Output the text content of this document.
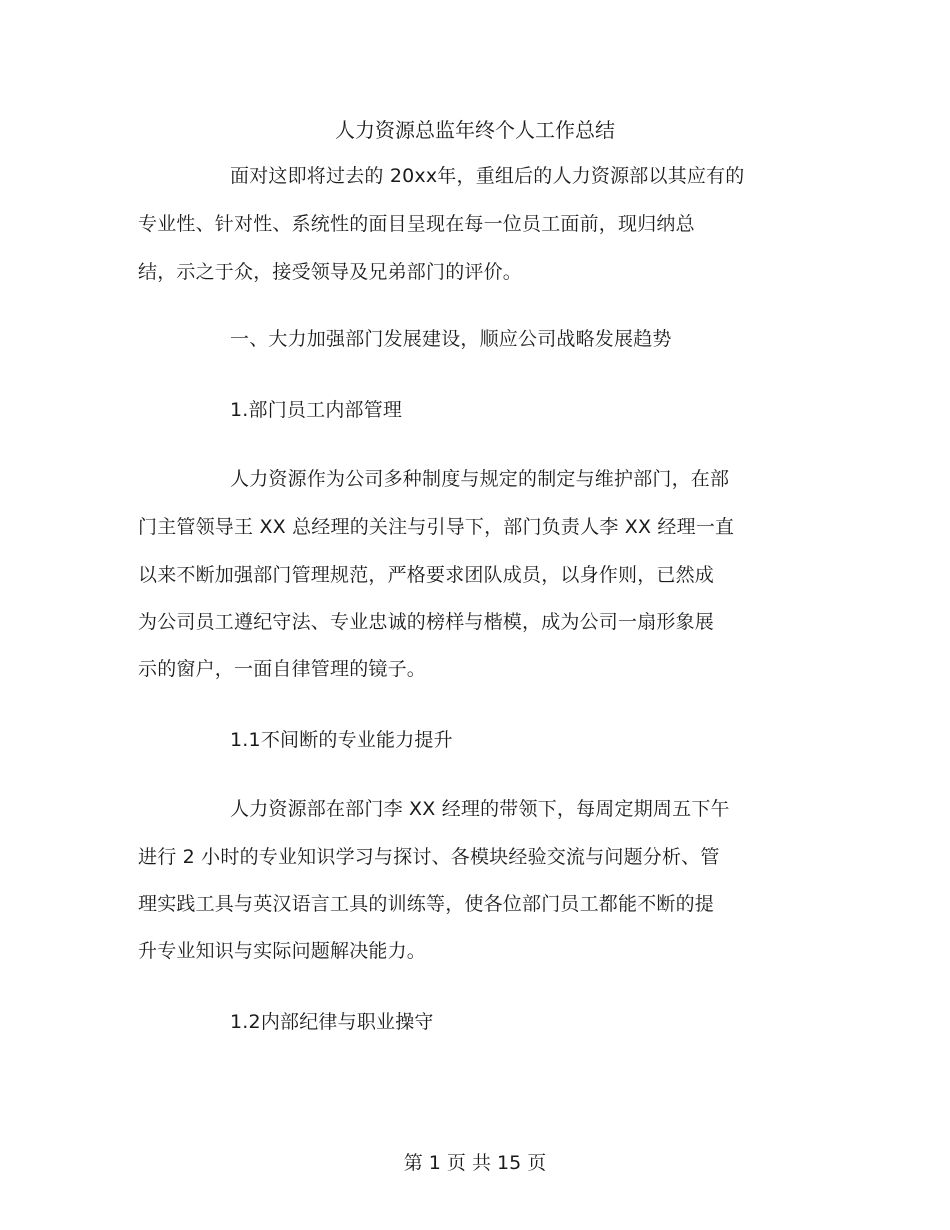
人力资源总监年终个人工作总结
面对这即将过去的 20xx年，重组后的人力资源部以其应有的
专业性、针对性、系统性的面目呈现在每一位员工面前，现归纳总
结，示之于众，接受领导及兄弟部门的评价。
一、大力加强部门发展建设，顺应公司战略发展趋势
1.部门员工内部管理
人力资源作为公司多种制度与规定的制定与维护部门，在部
门主管领导王 XX 总经理的关注与引导下，部门负责人李 XX 经理一直
以来不断加强部门管理规范，严格要求团队成员，以身作则，已然成
为公司员工遵纪守法、专业忠诚的榜样与楷模，成为公司一扇形象展
示的窗户，一面自律管理的镜子。
1.1不间断的专业能力提升
人力资源部在部门李 XX 经理的带领下，每周定期周五下午
进行 2 小时的专业知识学习与探讨、各模块经验交流与问题分析、管
理实践工具与英汉语言工具的训练等，使各位部门员工都能不断的提
升专业知识与实际问题解决能力。
1.2内部纪律与职业操守
第 1 页 共 15 页
